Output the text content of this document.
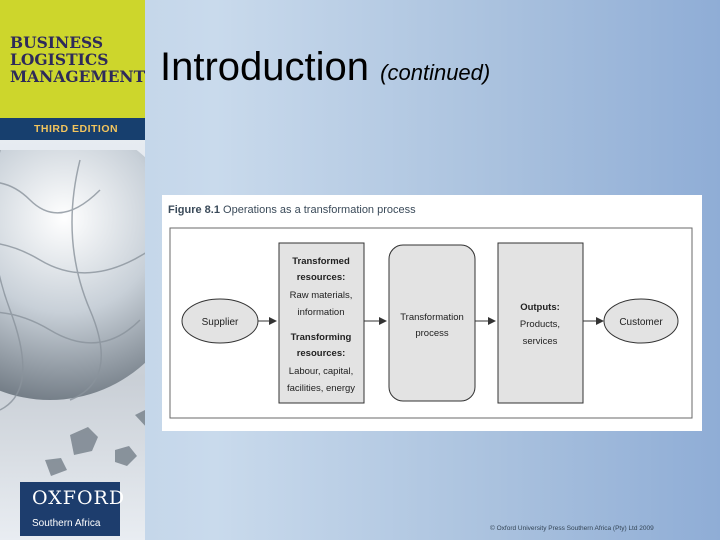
BUSINESS
LOGISTICS
MANAGEMENT
THIRD EDITION
OXFORD
Southern Africa
Introduction (continued)
Figure 8.1 Operations as a transformation process
Supplier
Transformed
resources:
Raw materials,
information
Transforming
resources:
Labour, capital,
facilities, energy
Transformation
process
Outputs:
Products,
services
Customer
© Oxford University Press Southern Africa (Pty) Ltd 2009
